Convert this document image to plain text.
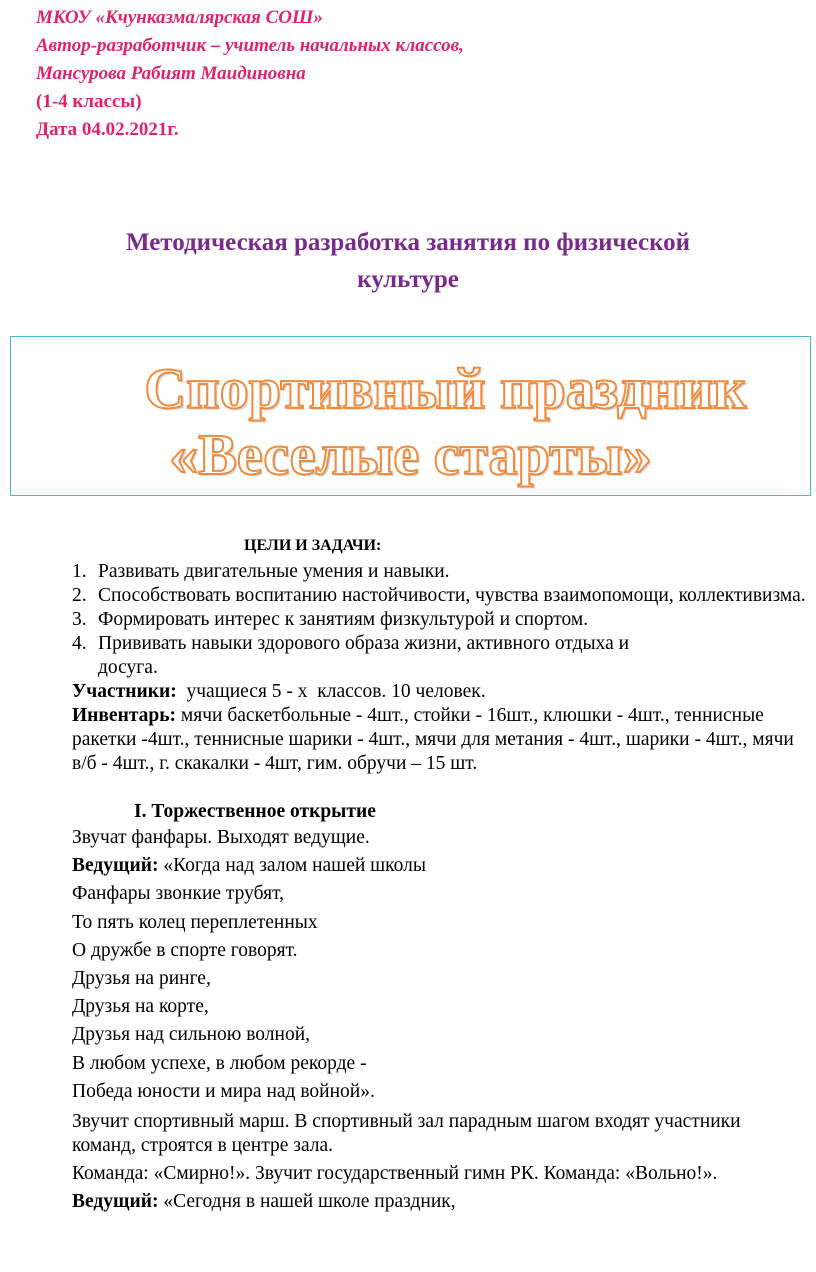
МКОУ «Кчунказмалярская СОШ»
Автор-разработчик – учитель начальных классов,
Мансурова Рабият Маидиновна
(1-4 классы)
Дата 04.02.2021г.
Методическая разработка занятия по физической
культуре
Спортивный праздник
«Веселые старты»
ЦЕЛИ И ЗАДАЧИ:
1. Развивать двигательные умения и навыки.
2. Способствовать воспитанию настойчивости, чувства взаимопомощи, коллективизма.
3. Формировать интерес к занятиям физкультурой и спортом.
4. Прививать навыки здорового образа жизни, активного отдыха и досуга.
Участники:  учащиеся 5 - х  классов. 10 человек.
Инвентарь: мячи баскетбольные - 4шт., стойки - 16шт., клюшки - 4шт., теннисные ракетки -4шт., теннисные шарики - 4шт., мячи для метания - 4шт., шарики - 4шт., мячи в/б - 4шт., г. скакалки - 4шт, гим. обручи – 15 шт.
I. Торжественное открытие
Звучат фанфары. Выходят ведущие.
Ведущий: «Когда над залом нашей школы
Фанфары звонкие трубят,
То пять колец переплетенных
О дружбе в спорте говорят.
Друзья на ринге,
Друзья на корте,
Друзья над сильною волной,
В любом успехе, в любом рекорде -
Победа юности и мира над войной».
Звучит спортивный марш. В спортивный зал парадным шагом входят участники команд, строятся в центре зала.
Команда: «Смирно!». Звучит государственный гимн РК. Команда: «Вольно!».
Ведущий: «Сегодня в нашей школе праздник,
